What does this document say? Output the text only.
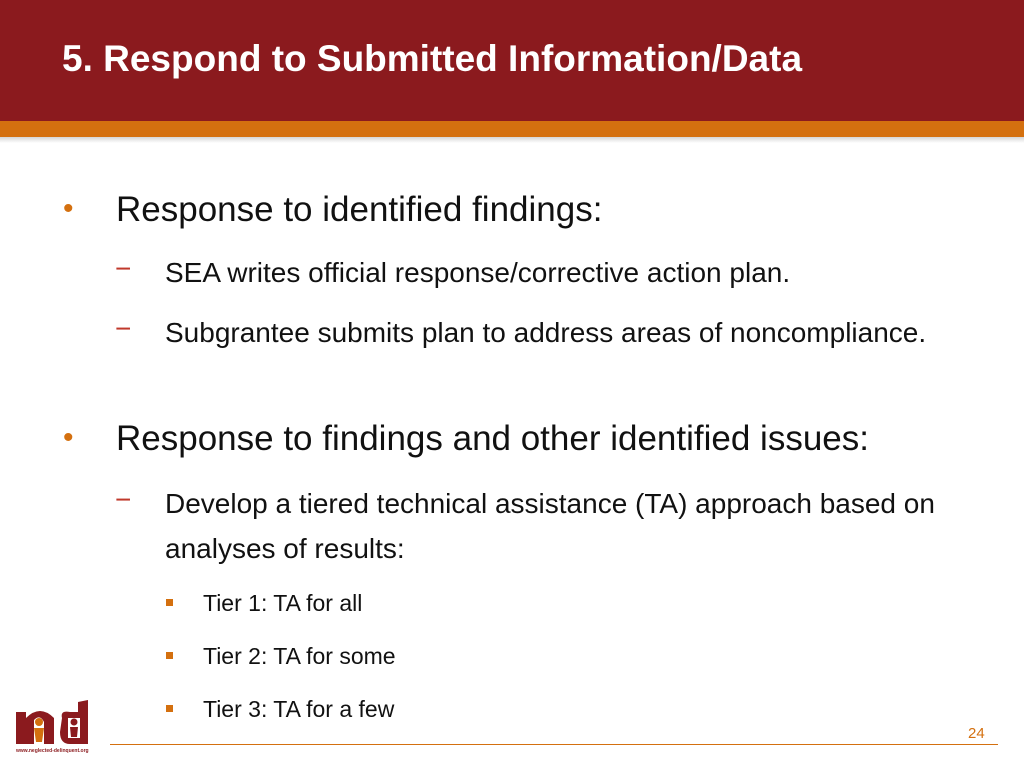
5. Respond to Submitted Information/Data
• Response to identified findings:
− SEA writes official response/corrective action plan.
− Subgrantee submits plan to address areas of noncompliance.
• Response to findings and other identified issues:
− Develop a tiered technical assistance (TA) approach based on analyses of results:
Tier 1: TA for all
Tier 2: TA for some
Tier 3: TA for a few
24
www.neglected-delinquent.org
